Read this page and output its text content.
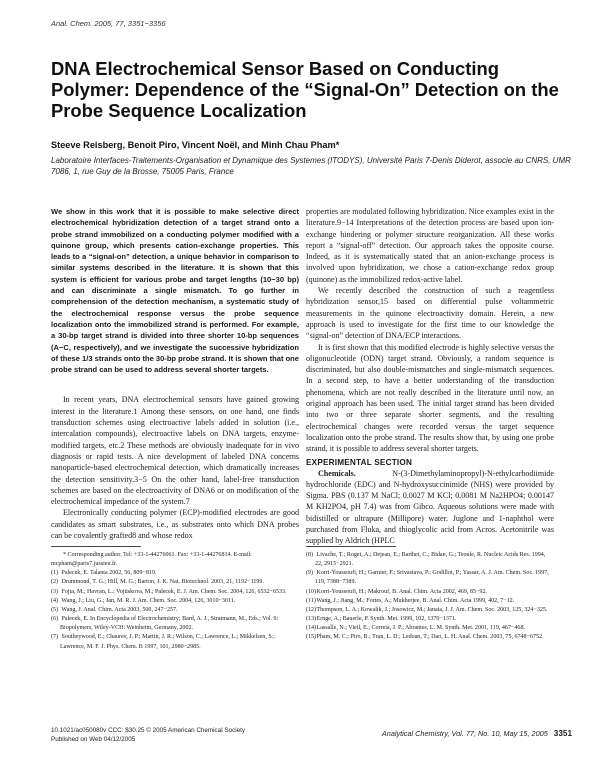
Anal. Chem. 2005, 77, 3351−3356
DNA Electrochemical Sensor Based on Conducting Polymer: Dependence of the “Signal-On” Detection on the Probe Sequence Localization
Steeve Reisberg, Benoît Piro, Vincent Noël, and Minh Chau Pham*
Laboratoire Interfaces-Traitements-Organisation et Dynamique des Systemes (ITODYS), Université Paris 7-Denis Diderot, associe au CNRS, UMR 7086, 1, rue Guy de la Brosse, 75005 Paris, France

We show in this work that it is possible to make selective direct electrochemical hybridization detection of a target strand onto a probe strand immobilized on a conducting polymer modified with a quinone group, which presents cation-exchange properties. This leads to a “signal-on” detection, a unique behavior in comparison to similar systems described in the literature. It is shown that this system is efficient for various probe and target lengths (10−30 bp) and can discriminate a single mismatch. To go further in comprehension of the detection mechanism, a systematic study of the electrochemical response versus the probe sequence localization onto the immobilized strand is performed. For example, a 30-bp target strand is divided into three shorter 10-bp sequences (A−C, respectively), and we investigate the successive hybridization of these 1/3 strands onto the 30-bp probe strand. It is shown that one probe strand can be used to address several shorter targets.

In recent years, DNA electrochemical sensors have gained growing interest in the literature.1 Among these sensors, on one hand, one finds transduction schemes using electroactive labels added in solution (i.e., intercalation compounds), electroactive labels on DNA targets, enzyme-modified targets, etc.2 These methods are obviously inadequate for in vivo diagnosis or rapid tests. A nice development of labeled DNA concerns nanoparticle-based electrochemical detection, which dramatically increases the detection sensitivity.3−5 On the other hand, label-free transduction schemes are based on the electroactivity of DNA6 or on modification of the electrochemical impedance of the system.7

Electronically conducting polymer (ECP)-modified electrodes are good candidates as smart substrates, i.e., as substrates onto which DNA probes can be covalently grafted8 and whose redox

properties are modulated following hybridization. Nice examples exist in the literature.9−14 Interpretations of the detection process are based upon ion-exchange hindering or polymer structure reorganization. All these works report a “signal-off” detection. Our approach takes the opposite course. Indeed, as it is systematically stated that an anion-exchange process is involved upon hybridization, we chose a cation-exchange redox group (quinone) as the immobilized redox-active label.

We recently described the construction of such a reagentless hybridization sensor,15 based on differential pulse voltammetric measurements in the quinone electroactivity domain. Herein, a new approach is used to investigate for the first time to our knowledge the “signal-on” detection of DNA/ECP interactions.

It is first shown that this modified electrode is highly selective versus the oligonucleotide (ODN) target strand. Obviously, a random sequence is discriminated, but also double-mismatches and single-mismatch sequences. In a second step, to have a better understanding of the transduction phenomena, which are not really described in the literature until now, an original approach has been used. The initial target strand has been divided into two or three separate shorter segments, and the resulting electrochemical changes were recorded versus the target sequence localization onto the probe strand. The results show that, by using one probe strand, it is possible to address several shorter targets.

EXPERIMENTAL SECTION

Chemicals.	N-(3-Dimethylaminopropyl)-N-ethylcarbodiimide hydrochloride (EDC) and N-hydroxysuccinimide (NHS) were provided by Sigma. PBS (0.137 M NaCl; 0.0027 M KCl; 0.0081 M Na2HPO4; 0.00147 M KH2PO4, pH 7.4) was from Gibco. Aqueous solutions were made with bidistilled or ultrapure (Millipore) water. Juglone and 1-naphthol were purchased from Fluka, and thioglycolic acid from Acros. Acetonitrile was supplied by Aldrich (HPLC

* Corresponding author. Tel: +33-1-44276061. Fax: +33-1-44276814. E-mail: mcpham@paris7.jussieu.fr.

(1) Palecek, E. Talanta 2002, 56, 809−819.

(2) Drummond, T. G.; Hill, M. G.; Barton, J. K. Nat. Biotechnol. 2003, 21, 1192−1199.

(3) Fojta, M.; Havran, L.; Vojtiskova, M.; Palecek, E. J. Am. Chem. Soc. 2004, 126, 6532−6533.

(4) Wang, J.; Liu, G.; Jan, M. R. J. Am. Chem. Soc. 2004, 126, 3010−3011.

(5) Wang, J. Anal. Chim. Acta 2003, 500, 247−257.

(6) Palecek, E. In Encyclopedia of Electrochemistry; Bard, A. J., Stratmann, M., Eds.; Vol. 9: Biopolymers, Wiley-VCH: Weinheim, Germany, 2002.

(7) Southeywood, E.; Chaurev, J. P.; Martin, J. R.; Wilson, C.; Lawrence, L.; Mikkelsen, S.; Lawrence, M. F. J. Phys. Chem. B 1997, 101, 2980−2985.

(8) Livache, T.; Roget, A.; Dejean, E.; Barthet, C.; Bidan, G.; Teoule, R. Nucleic Acids Res. 1994, 22, 2915−2921.

(9) Korri-Youssoufi, H.; Garnier, F.; Srivastava, P.; Godillot, P.; Yassar, A. J. Am. Chem. Soc. 1997, 119, 7388−7389.

(10) Korri-Youssoufi, H.; Makrouf, B. Anal. Chim. Acta 2002, 469, 85−92.

(11) Wang, J.; Jiang, M.; Fortes, A.; Mukherjee, B. Anal. Chim. Acta 1999, 402, 7−12.

(12) Thompson, L. A.; Kowalik, J.; Josowicz, M.; Janata, J. J. Am. Chem. Soc. 2003, 125, 324−325.

(13) Ernge, A.; Bauerle, P. Synth. Met. 1999, 102, 1370−1371.

(14) Lassalle, N.; Vieil, E.; Correia, J. P.; Abrantes, L. M. Synth. Met. 2001, 119, 467−468.

(15) Pham, M. C.; Piro, B.; Tran, L. D.; Ledoan, T.; Dao, L. H. Anal. Chem. 2003, 75, 6748−6752.

10.1021/ac050080v CCC: $30.25 © 2005 American Chemical Society
Published on Web 04/12/2005
Analytical Chemistry, Vol. 77, No. 10, May 15, 2005 3351
